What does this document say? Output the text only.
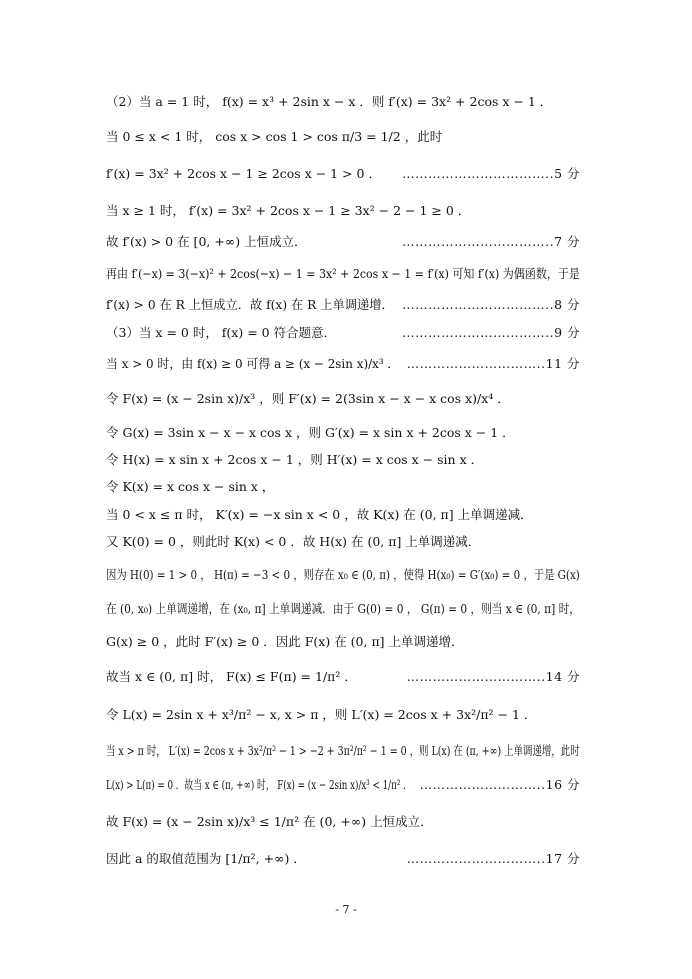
（2）当 a = 1 时， f(x) = x³ + 2sin x − x ．则 f′(x) = 3x² + 2cos x − 1 ．
当 0 ≤ x < 1 时， cos x > cos 1 > cos π/3 = 1/2 ，此时
f′(x) = 3x² + 2cos x − 1 ≥ 2cos x − 1 > 0 ． ……………………………..5 分
当 x ≥ 1 时， f′(x) = 3x² + 2cos x − 1 ≥ 3x² − 2 − 1 ≥ 0 ．
故 f′(x) > 0 在 [0, +∞) 上恒成立．	……………………………..7 分
再由 f′(−x) = 3(−x)² + 2cos(−x) − 1 = 3x² + 2cos x − 1 = f′(x) 可知 f′(x) 为偶函数，于是
f′(x) > 0 在 R 上恒成立．故 f(x) 在 R 上单调递增． ……………………………..8 分
（3）当 x = 0 时， f(x) = 0 符合题意．	……………………………..9 分
当 x > 0 时，由 f(x) ≥ 0 可得 a ≥ (x − 2sin x)/x³ ． …………………………..11 分
令 F(x) = (x − 2sin x)/x³ ，则 F′(x) = 2(3sin x − x − x cos x)/x⁴ ．
令 G(x) = 3sin x − x − x cos x ，则 G′(x) = x sin x + 2cos x − 1 ．
令 H(x) = x sin x + 2cos x − 1 ，则 H′(x) = x cos x − sin x ．
令 K(x) = x cos x − sin x ，
当 0 < x ≤ π 时， K′(x) = −x sin x < 0 ，故 K(x) 在 (0, π] 上单调递减．
又 K(0) = 0 ，则此时 K(x) < 0 ．故 H(x) 在 (0, π] 上单调递减．
因为 H(0) = 1 > 0 ， H(π) = −3 < 0 ，则存在 x₀ ∈ (0, π) ，使得 H(x₀) = G′(x₀) = 0 ，于是 G(x)
在 (0, x₀) 上单调递增，在 (x₀, π] 上单调递减．由于 G(0) = 0 ， G(π) = 0 ，则当 x ∈ (0, π] 时，
G(x) ≥ 0 ，此时 F′(x) ≥ 0 ．因此 F(x) 在 (0, π] 上单调递增．
故当 x ∈ (0, π] 时， F(x) ≤ F(π) = 1/π² ．	…………………………..14 分
令 L(x) = 2sin x + x³/π² − x, x > π ，则 L′(x) = 2cos x + 3x²/π² − 1 ．
当 x > π 时， L′(x) = 2cos x + 3x²/π² − 1 > −2 + 3π²/π² − 1 = 0 ，则 L(x) 在 (π, +∞) 上单调递增，此时
L(x) > L(π) = 0 ．故当 x ∈ (π, +∞) 时， F(x) = (x − 2sin x)/x³ < 1/π² ． ………………………..16 分
故 F(x) = (x − 2sin x)/x³ ≤ 1/π² 在 (0, +∞) 上恒成立．
因此 a 的取值范围为 [1/π², +∞) ．	…………………………..17 分
- 7 -
